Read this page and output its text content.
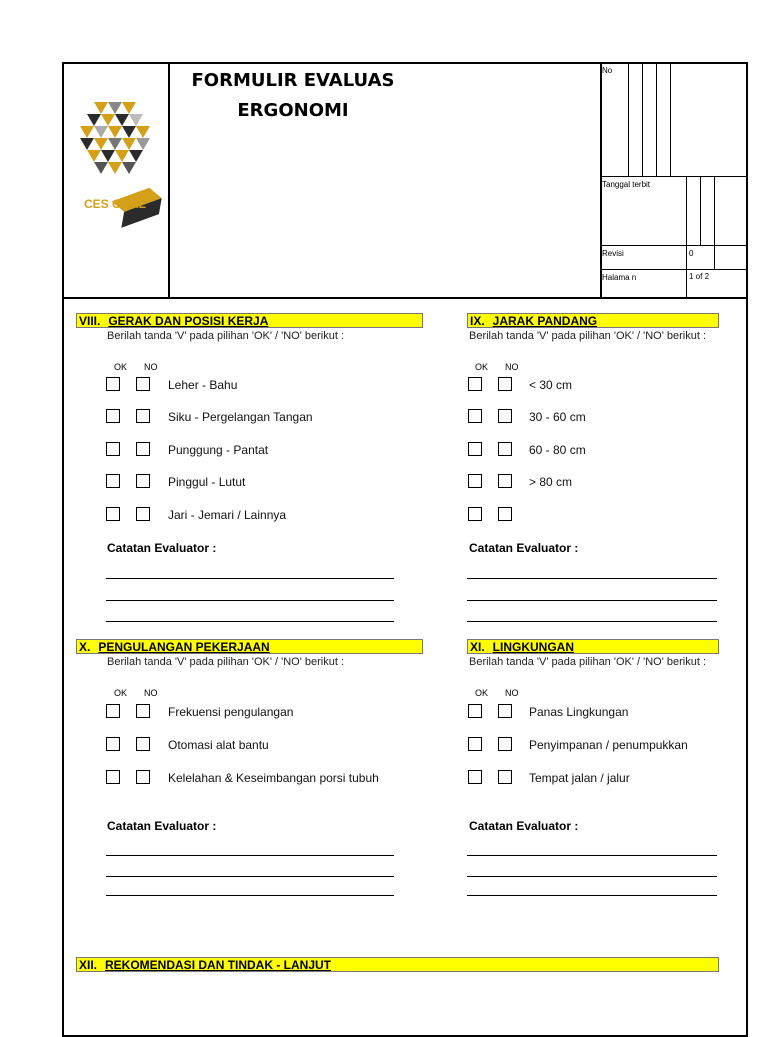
CES COAL
FORMULIR EVALUAS
ERGONOMI
No
Tanggal terbit
Revisi	0
Halama n	1 of 2
VIII. GERAK DAN POSISI KERJA
Berilah tanda 'V' pada pilihan 'OK' / 'NO' berikut :
OK NO
Leher - Bahu
Siku - Pergelangan Tangan
Punggung - Pantat
Pinggul - Lutut
Jari - Jemari / Lainnya
Catatan Evaluator :
IX. JARAK PANDANG
Berilah tanda 'V' pada pilihan 'OK' / 'NO' berikut :
OK NO
< 30 cm
30 - 60 cm
60 - 80 cm
> 80 cm
Catatan Evaluator :
X. PENGULANGAN PEKERJAAN
Berilah tanda 'V' pada pilihan 'OK' / 'NO' berikut :
OK NO
Frekuensi pengulangan
Otomasi alat bantu
Kelelahan & Keseimbangan porsi tubuh
Catatan Evaluator :
XI. LINGKUNGAN
Berilah tanda 'V' pada pilihan 'OK' / 'NO' berikut :
OK NO
Panas Lingkungan
Penyimpanan / penumpukkan
Tempat jalan / jalur
Catatan Evaluator :
XII. REKOMENDASI DAN TINDAK - LANJUT
